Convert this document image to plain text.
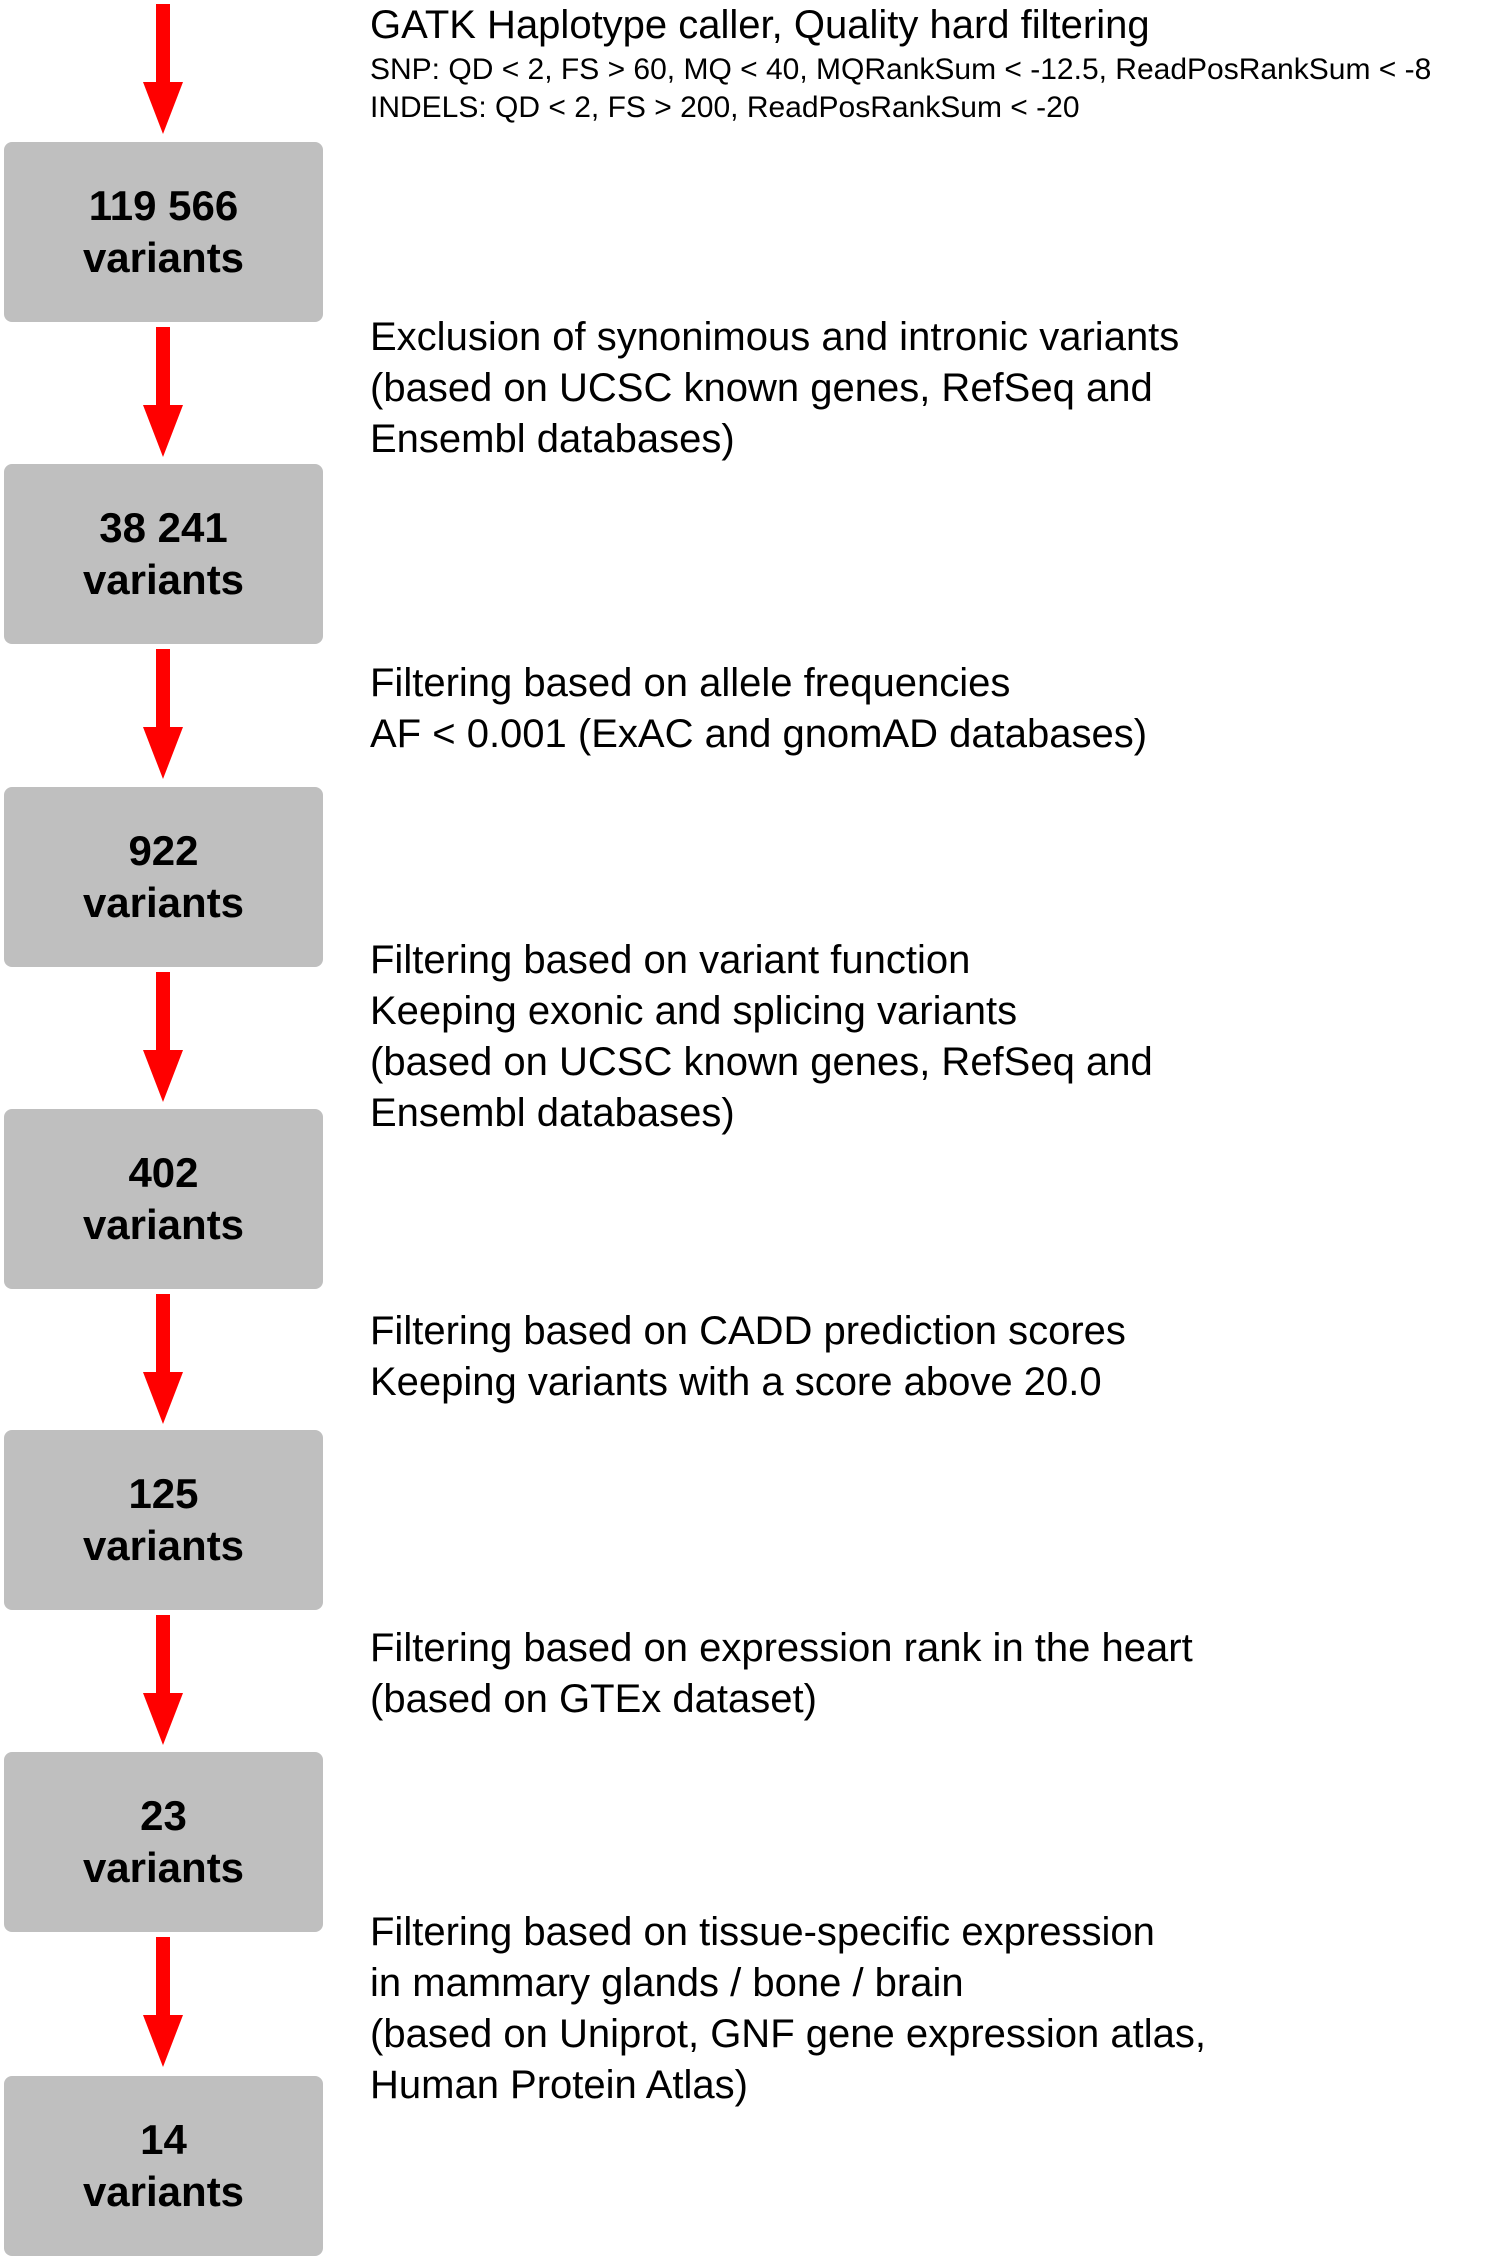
119 566
variants
38 241
variants
922
variants
402
variants
125
variants
23
variants
14
variants
GATK Haplotype caller, Quality hard filtering
SNP: QD < 2, FS > 60, MQ < 40, MQRankSum < -12.5, ReadPosRankSum < -8
INDELS: QD < 2, FS > 200, ReadPosRankSum < -20
Exclusion of synonimous and intronic variants
(based on UCSC known genes, RefSeq and
Ensembl databases)
Filtering based on allele frequencies
AF < 0.001 (ExAC and gnomAD databases)
Filtering based on variant function
Keeping exonic and splicing variants
(based on UCSC known genes, RefSeq and
Ensembl databases)
Filtering based on CADD prediction scores
Keeping variants with a score above 20.0
Filtering based on expression rank in the heart
(based on GTEx dataset)
Filtering based on tissue-specific expression
in mammary glands / bone / brain
(based on Uniprot, GNF gene expression atlas,
Human Protein Atlas)
